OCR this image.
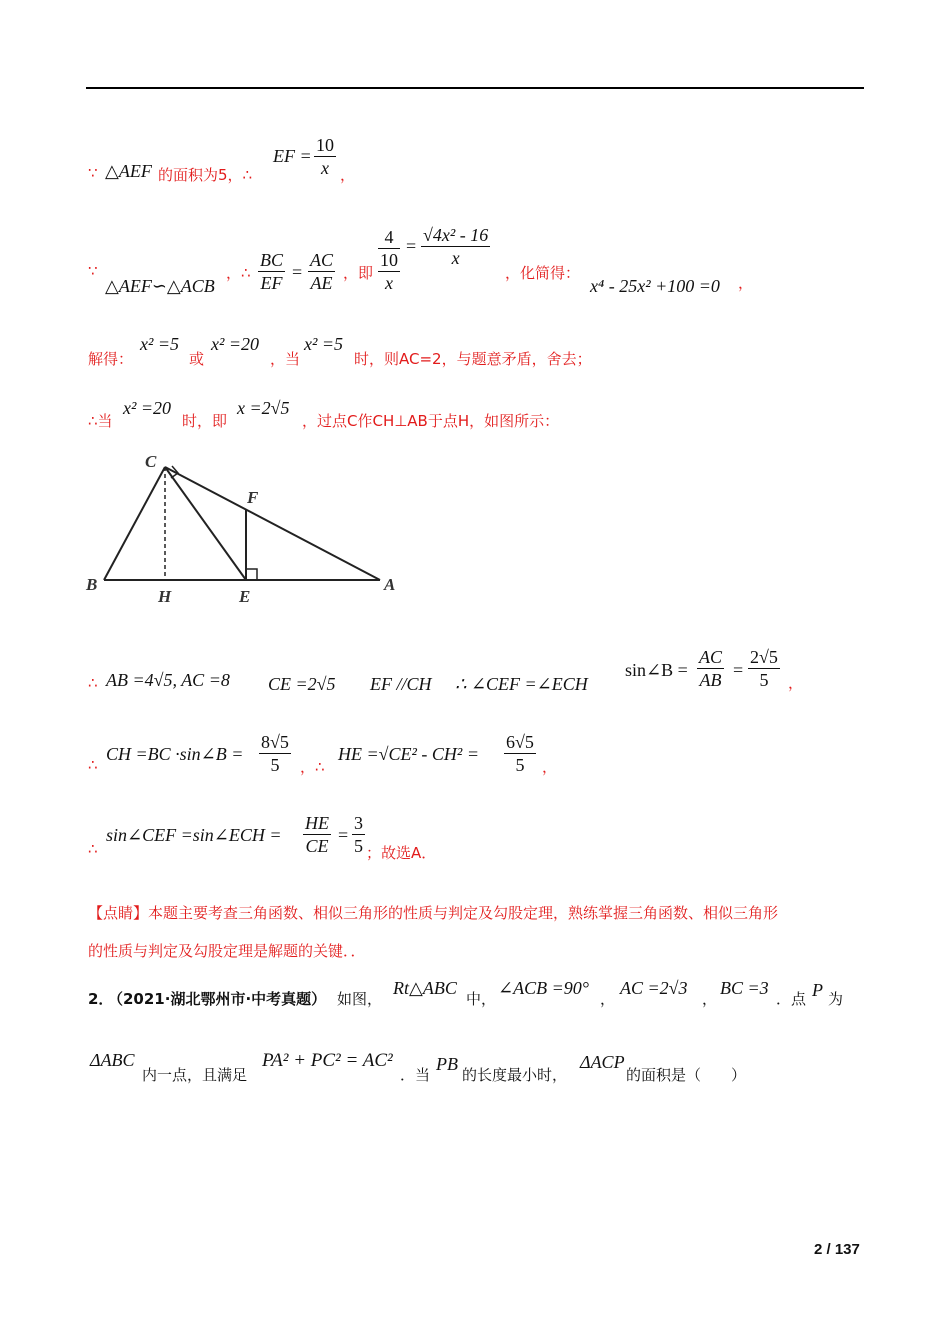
∵ △AEF 的面积为5，∴
EF = $\frac{10}{x}$ ，
∵
△AEF∽△ACB
，∴ $\frac{BC}{EF} = \frac{AC}{AE}$ ，即
4
10
x
= $\frac{\text{√4x² - 16}}{x}$
，化简得：
x⁴ - 25x² +100 =0 ，
解得：
x² =5
或
x² =20
，当
x² =5
时，则AC=2，与题意矛盾，舍去；
∴当
x² =20
时，即
x =2√5
，过点C作CH⊥AB于点H，如图所示：
C
F
B
H	E
A
∴ AB =4√5, AC =8 CE =2√5 EF //CH ∴ ∠CEF =∠ECH
sin∠B = $\frac{AC}{AB} = \frac{2√5}{5}$ ，
∴
CH =BC ·sin∠B = $\frac{8√5}{5}$ ，∴
HE $=√CE^2 - CH^2 = \frac{6√5}{5}$ ，
∴
sin∠CEF =sin∠ECH = $\frac{HE}{CE} = \frac{3}{5}$ ；故选A．
【点睛】本题主要考查三角函数、相似三角形的性质与判定及勾股定理，熟练掌握三角函数、相似三角形
的性质与判定及勾股定理是解题的关键．．
2．
（2021·湖北鄂州市·中考真题） 如图，
Rt△ABC
中，
∠ACB =90°
，
AC =2√3
，
BC =3
．点 P 为
ΔABC
内一点，且满足
PA² + PC² = AC²
．当
PB
的长度最小时，
ΔACP
的面积是（　　）
2 / 137
